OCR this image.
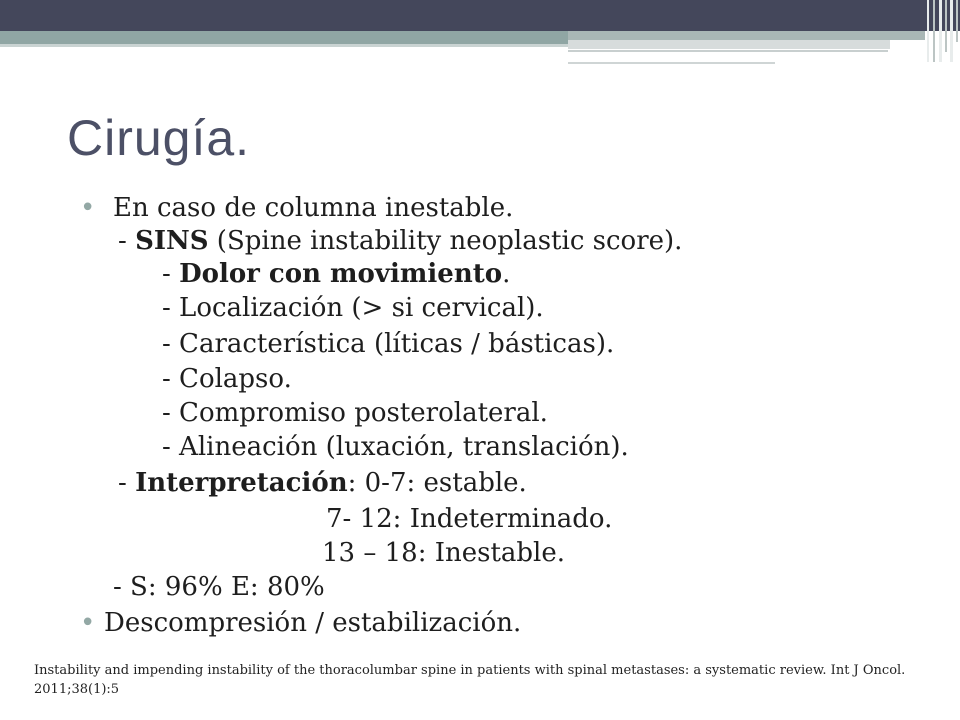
Cirugía.
• En caso de columna inestable.
- SINS (Spine instability neoplastic score).
- Dolor con movimiento.
- Localización (> si cervical).
- Característica (líticas / básticas).
- Colapso.
- Compromiso posterolateral.
- Alineación (luxación, translación).
- Interpretación: 0-7: estable.
7- 12: Indeterminado.
13 – 18: Inestable.
- S: 96% E: 80%
• Descompresión / estabilización.
Instability and impending instability of the thoracolumbar spine in patients with spinal metastases: a systematic review. Int J Oncol. 2011;38(1):5
